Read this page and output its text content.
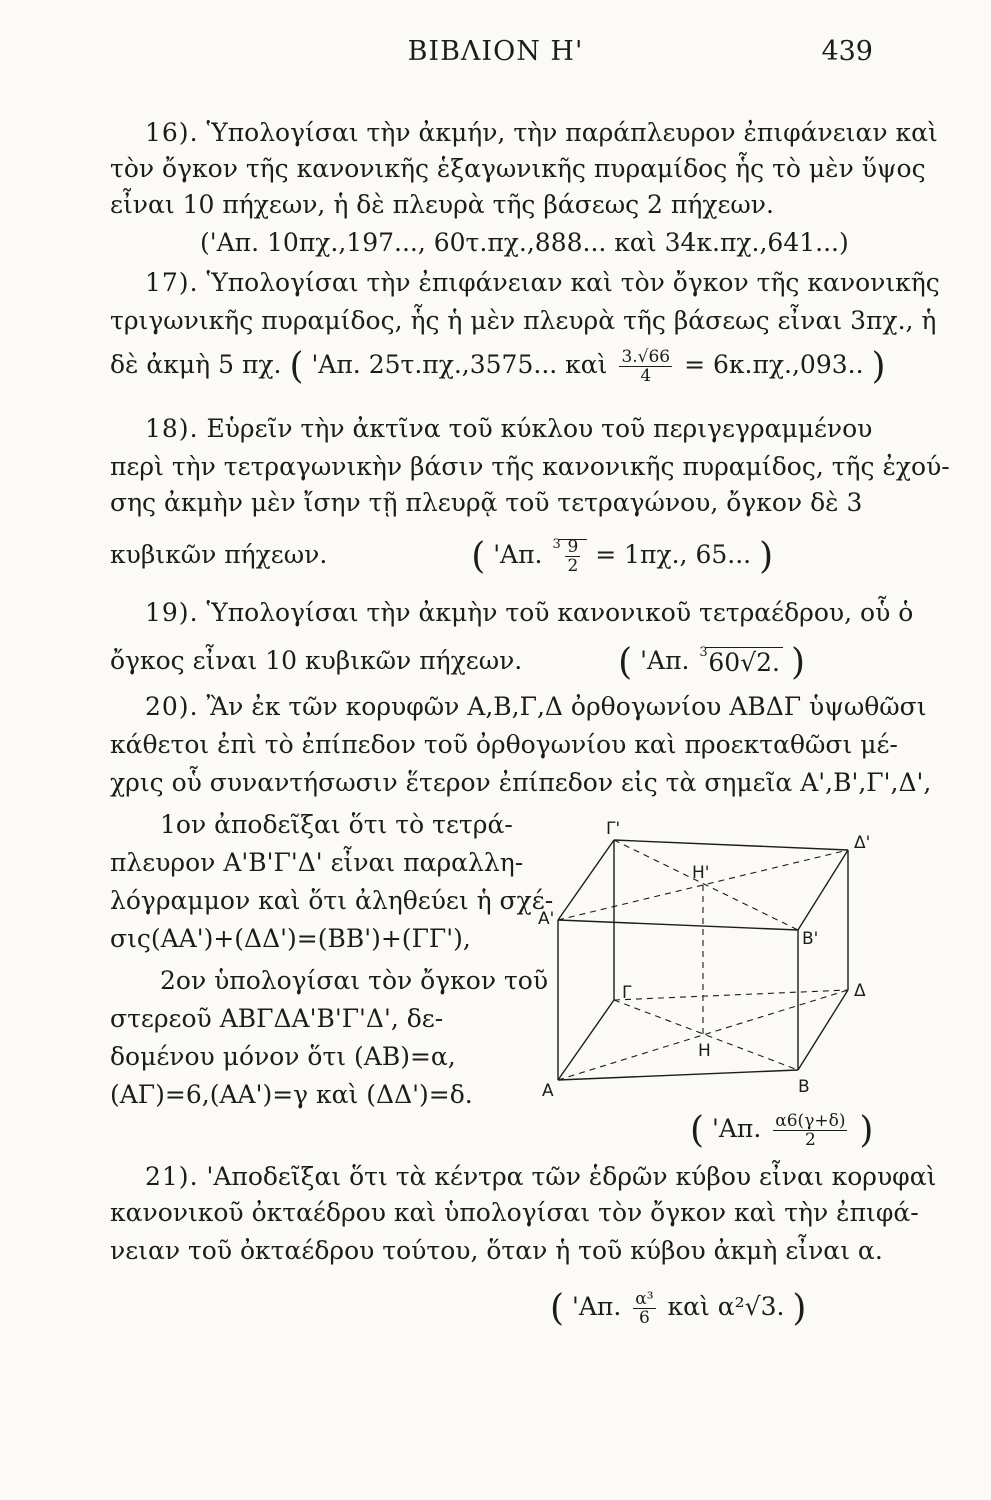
ΒΙΒΛΙΟΝ Η'	439
16). Ὑπολογίσαι τὴν ἀκμήν, τὴν παράπλευρον ἐπιφάνειαν καὶ
τὸν ὄγκον τῆς κανονικῆς ἑξαγωνικῆς πυραμίδος ἧς τὸ μὲν ὕψος
εἶναι 10 πήχεων, ἡ δὲ πλευρὰ τῆς βάσεως 2 πήχεων.
('Απ. 10πχ.,197..., 60τ.πχ.,888... καὶ 34κ.πχ.,641...)
17). Ὑπολογίσαι τὴν ἐπιφάνειαν καὶ τὸν ὄγκον τῆς κανονικῆς
τριγωνικῆς πυραμίδος, ἧς ἡ μὲν πλευρὰ τῆς βάσεως εἶναι 3πχ., ἡ
δὲ ἀκμὴ 5 πχ. ( 'Απ. 25τ.πχ.,3575... καὶ $\frac{3.√66}{4} = 6\kappa.\pi\chi.,093$.. )
18). Εὑρεῖν τὴν ἀκτῖνα τοῦ κύκλου τοῦ περιγεγραμμένου
περὶ τὴν τετραγωνικὴν βάσιν τῆς κανονικῆς πυραμίδος, τῆς ἐχού-
σης ἀκμὴν μὲν ἴσην τῇ πλευρᾷ τοῦ τετραγώνου, ὄγκον δὲ 3
κυβικῶν πήχεων.	( 'Απ. $3 \frac{9}{2} = 1\pi\chi$., 65... )
19). Ὑπολογίσαι τὴν ἀκμὴν τοῦ κανονικοῦ τετραέδρου, οὗ ὁ
ὄγκος εἶναι 10 κυβικῶν πήχεων.	( 'Απ. 3 60√2. )
20). Ἂν ἐκ τῶν κορυφῶν Α,Β,Γ,Δ ὀρθογωνίου ΑΒΔΓ ὑψωθῶσι
κάθετοι ἐπὶ τὸ ἐπίπεδον τοῦ ὀρθογωνίου καὶ προεκταθῶσι μέ-
χρις οὗ συναντήσωσιν ἕτερον ἐπίπεδον εἰς τὰ σημεῖα Α',Β',Γ',Δ',
1ον ἀποδεῖξαι ὅτι τὸ τετρά-
πλευρον Α'Β'Γ'Δ' εἶναι παραλλη-
λόγραμμον καὶ ὅτι ἀληθεύει ἡ σχέ-
σις(ΑΑ')+(ΔΔ')=(ΒΒ')+(ΓΓ'),
2ον ὑπολογίσαι τὸν ὄγκον τοῦ
στερεοῦ ΑΒΓΔΑ'Β'Γ'Δ', δε-
δομένου μόνον ὅτι (ΑΒ)=α,
(ΑΓ)=6,(ΑΑ')=γ καὶ (ΔΔ')=δ.
( 'Απ. $\frac{\alpha 6(\gamma+\delta)}{2}$ )
Γ'
Δ'
Η'
Α'
Β'
Γ	Δ
Η
Α	Β
21). 'Αποδεῖξαι ὅτι τὰ κέντρα τῶν ἑδρῶν κύβου εἶναι κορυφαὶ
κανονικοῦ ὀκταέδρου καὶ ὑπολογίσαι τὸν ὄγκον καὶ τὴν ἐπιφά-
νειαν τοῦ ὀκταέδρου τούτου, ὅταν ἡ τοῦ κύβου ἀκμὴ εἶναι α.
( 'Απ. $\frac{\text{α³}}{6}$ καὶ α²√3. )
